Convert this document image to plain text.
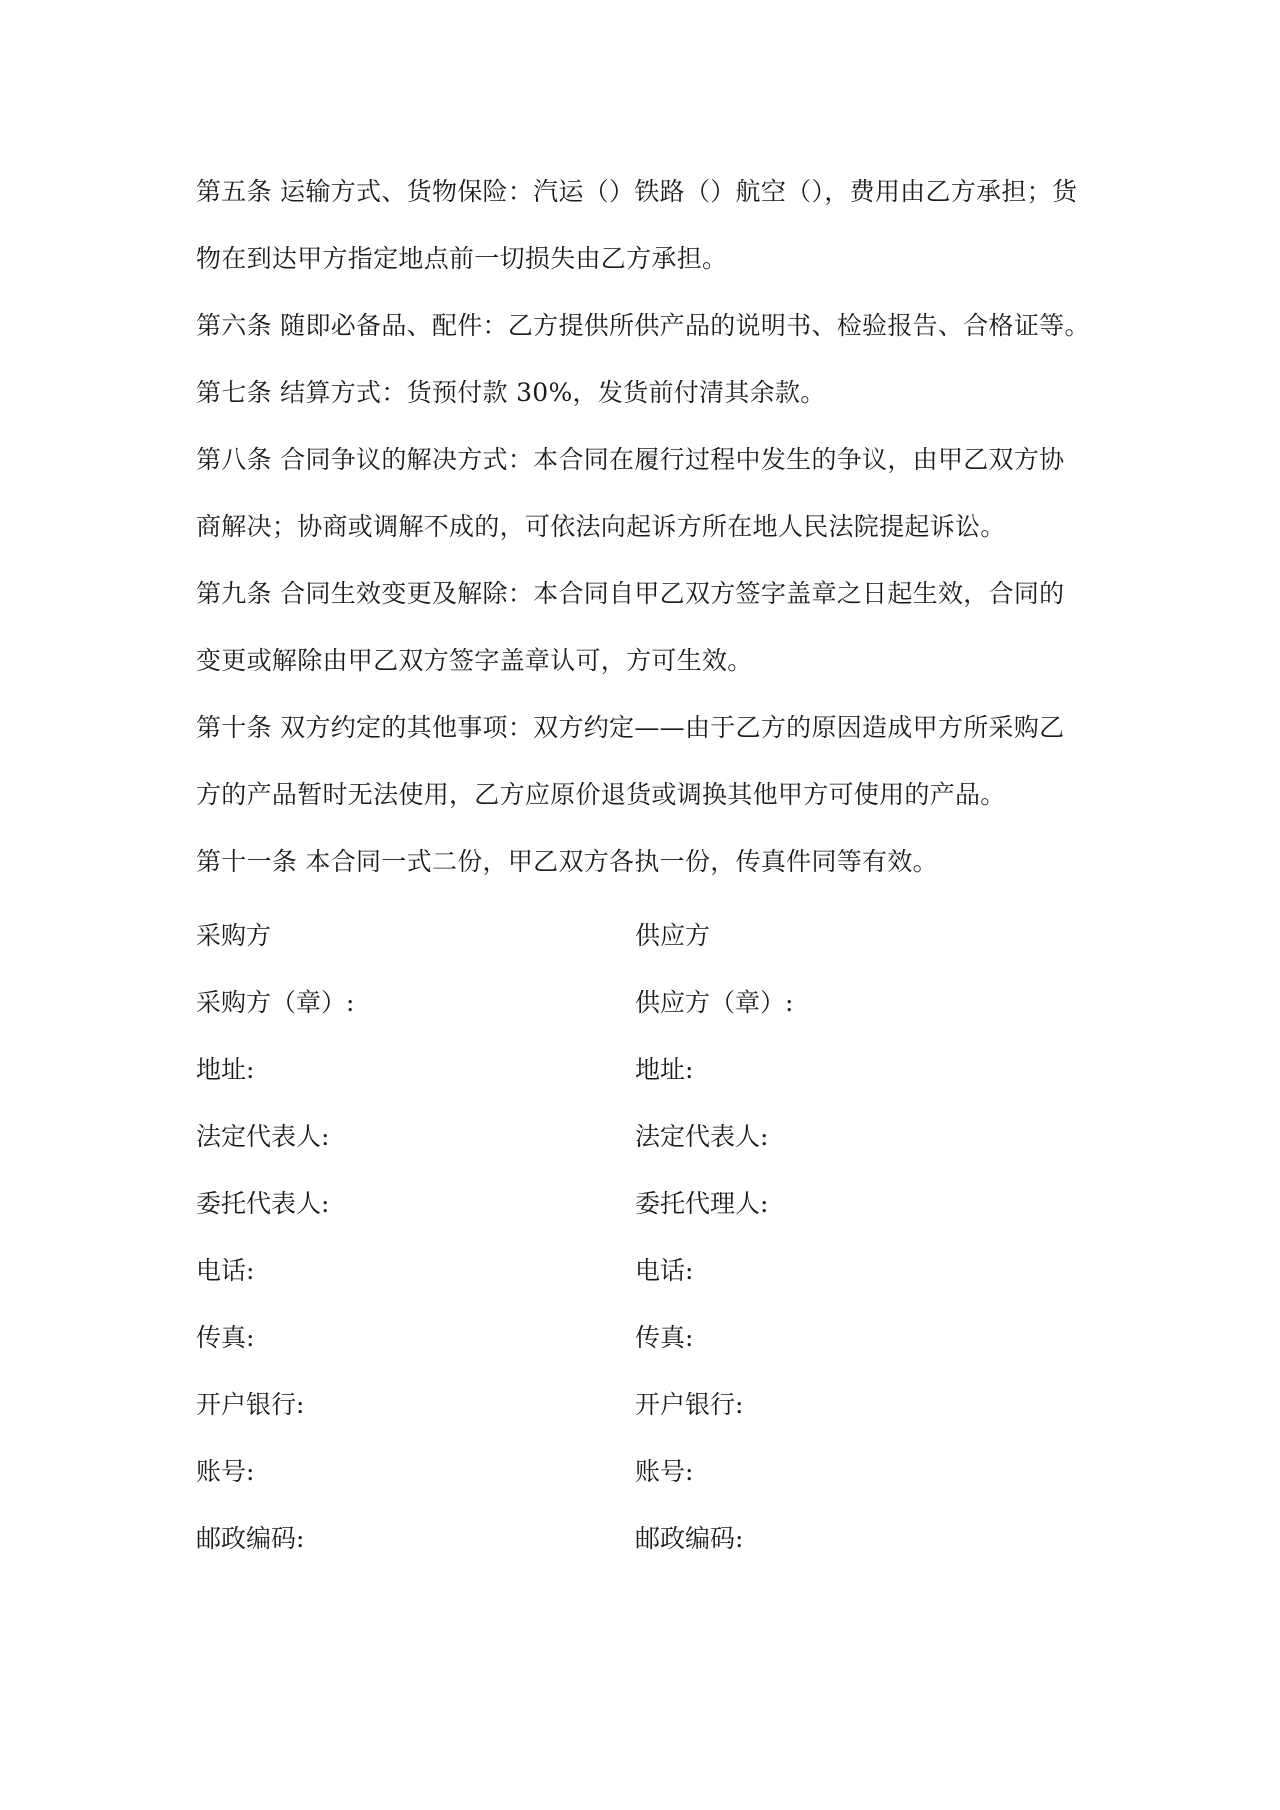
第五条 运输方式、货物保险：汽运（）铁路（）航空（），费用由乙方承担；货
物在到达甲方指定地点前一切损失由乙方承担。
第六条 随即必备品、配件：乙方提供所供产品的说明书、检验报告、合格证等。
第七条 结算方式：货预付款 30%，发货前付清其余款。
第八条 合同争议的解决方式：本合同在履行过程中发生的争议，由甲乙双方协
商解决；协商或调解不成的，可依法向起诉方所在地人民法院提起诉讼。
第九条 合同生效变更及解除：本合同自甲乙双方签字盖章之日起生效，合同的
变更或解除由甲乙双方签字盖章认可，方可生效。
第十条 双方约定的其他事项：双方约定——由于乙方的原因造成甲方所采购乙
方的产品暂时无法使用，乙方应原价退货或调换其他甲方可使用的产品。
第十一条 本合同一式二份，甲乙双方各执一份，传真件同等有效。
采购方	供应方
采购方（章）:	供应方（章）:
地址:	地址:
法定代表人:	法定代表人:
委托代表人:	委托代理人:
电话:	电话:
传真:	传真:
开户银行:	开户银行:
账号:	账号:
邮政编码:	邮政编码:
